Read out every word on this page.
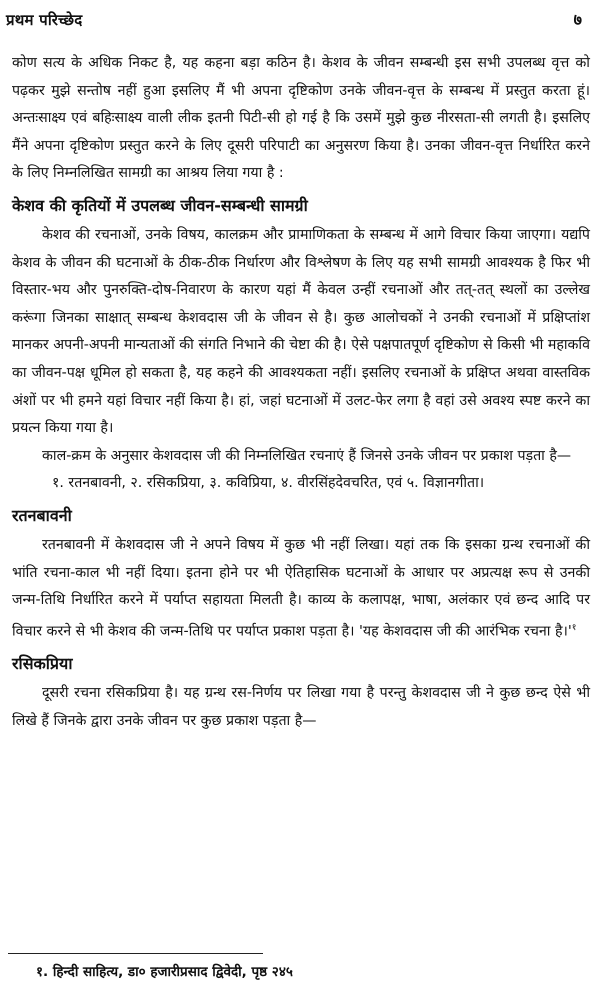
प्रथम परिच्छेद	७

कोण सत्य के अधिक निकट है, यह कहना बड़ा कठिन है। केशव के जीवन सम्बन्धी इस सभी उपलब्ध वृत्त को पढ़कर मुझे सन्तोष नहीं हुआ इसलिए मैं भी अपना दृष्टिकोण उनके जीवन-वृत्त के सम्बन्ध में प्रस्तुत करता हूं। अन्तःसाक्ष्य एवं बहिःसाक्ष्य वाली लीक इतनी पिटी-सी हो गई है कि उसमें मुझे कुछ नीरसता-सी लगती है। इसलिए मैंने अपना दृष्टिकोण प्रस्तुत करने के लिए दूसरी परिपाटी का अनुसरण किया है। उनका जीवन-वृत्त निर्धारित करने के लिए निम्नलिखित सामग्री का आश्रय लिया गया है :

केशव की कृतियों में उपलब्ध जीवन-सम्बन्धी सामग्री

केशव की रचनाओं, उनके विषय, कालक्रम और प्रामाणिकता के सम्बन्ध में आगे विचार किया जाएगा। यद्यपि केशव के जीवन की घटनाओं के ठीक-ठीक निर्धारण और विश्लेषण के लिए यह सभी सामग्री आवश्यक है फिर भी विस्तार-भय और पुनरुक्ति-दोष-निवारण के कारण यहां मैं केवल उन्हीं रचनाओं और तत्-तत् स्थलों का उल्लेख करूंगा जिनका साक्षात् सम्बन्ध केशवदास जी के जीवन से है। कुछ आलोचकों ने उनकी रचनाओं में प्रक्षिप्तांश मानकर अपनी-अपनी मान्यताओं की संगति निभाने की चेष्टा की है। ऐसे पक्षपातपूर्ण दृष्टिकोण से किसी भी महाकवि का जीवन-पक्ष धूमिल हो सकता है, यह कहने की आवश्यकता नहीं। इसलिए रचनाओं के प्रक्षिप्त अथवा वास्तविक अंशों पर भी हमने यहां विचार नहीं किया है। हां, जहां घटनाओं में उलट-फेर लगा है वहां उसे अवश्य स्पष्ट करने का प्रयत्न किया गया है।

काल-क्रम के अनुसार केशवदास जी की निम्नलिखित रचनाएं हैं जिनसे उनके जीवन पर प्रकाश पड़ता है—

१. रतनबावनी, २. रसिकप्रिया, ३. कविप्रिया, ४. वीरसिंहदेवचरित, एवं ५. विज्ञानगीता।

रतनबावनी

रतनबावनी में केशवदास जी ने अपने विषय में कुछ भी नहीं लिखा। यहां तक कि इसका ग्रन्थ रचनाओं की भांति रचना-काल भी नहीं दिया। इतना होने पर भी ऐतिहासिक घटनाओं के आधार पर अप्रत्यक्ष रूप से उनकी जन्म-तिथि निर्धारित करने में पर्याप्त सहायता मिलती है। काव्य के कलापक्ष, भाषा, अलंकार एवं छन्द आदि पर विचार करने से भी केशव की जन्म-तिथि पर पर्याप्त प्रकाश पड़ता है। 'यह केशवदास जी की आरंभिक रचना $है।'^१$

रसिकप्रिया

दूसरी रचना रसिकप्रिया है। यह ग्रन्थ रस-निर्णय पर लिखा गया है परन्तु केशवदास जी ने कुछ छन्द ऐसे भी लिखे हैं जिनके द्वारा उनके जीवन पर कुछ प्रकाश पड़ता है—

१. हिन्दी साहित्य, डा० हजारीप्रसाद द्विवेदी, पृष्ठ २४५
